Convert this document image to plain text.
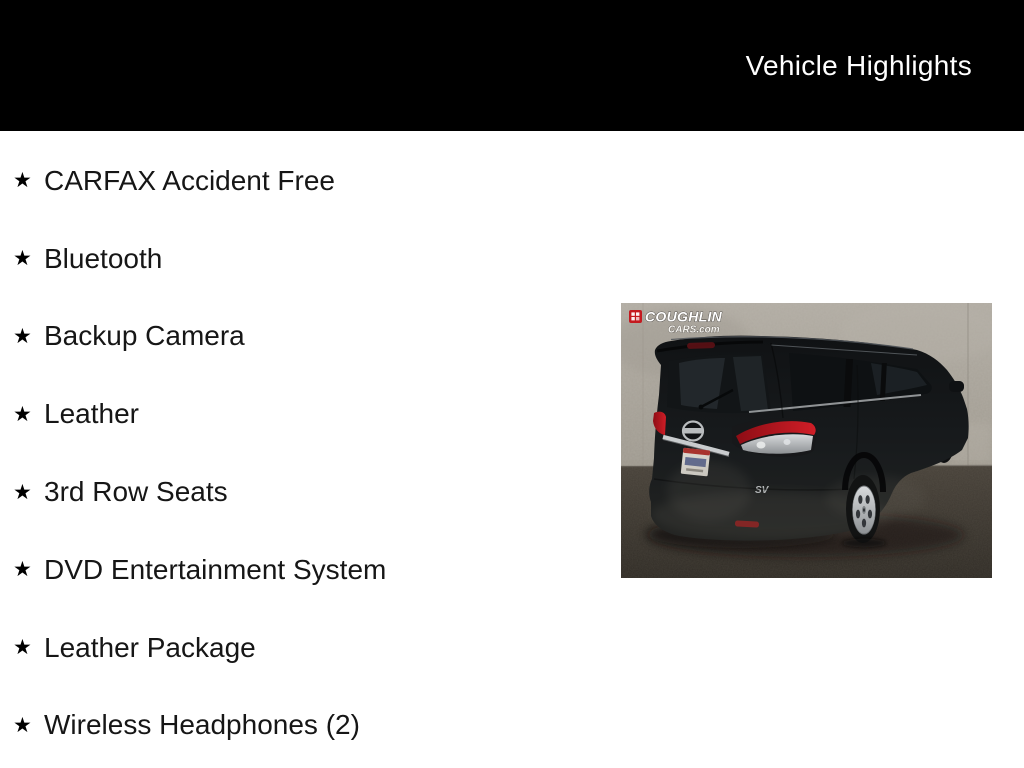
Vehicle Highlights
★ CARFAX Accident Free
★ Bluetooth
★ Backup Camera
★ Leather
★ 3rd Row Seats
★ DVD Entertainment System
★ Leather Package
★ Wireless Headphones (2)
SV
COUGHLIN
CARS.com
